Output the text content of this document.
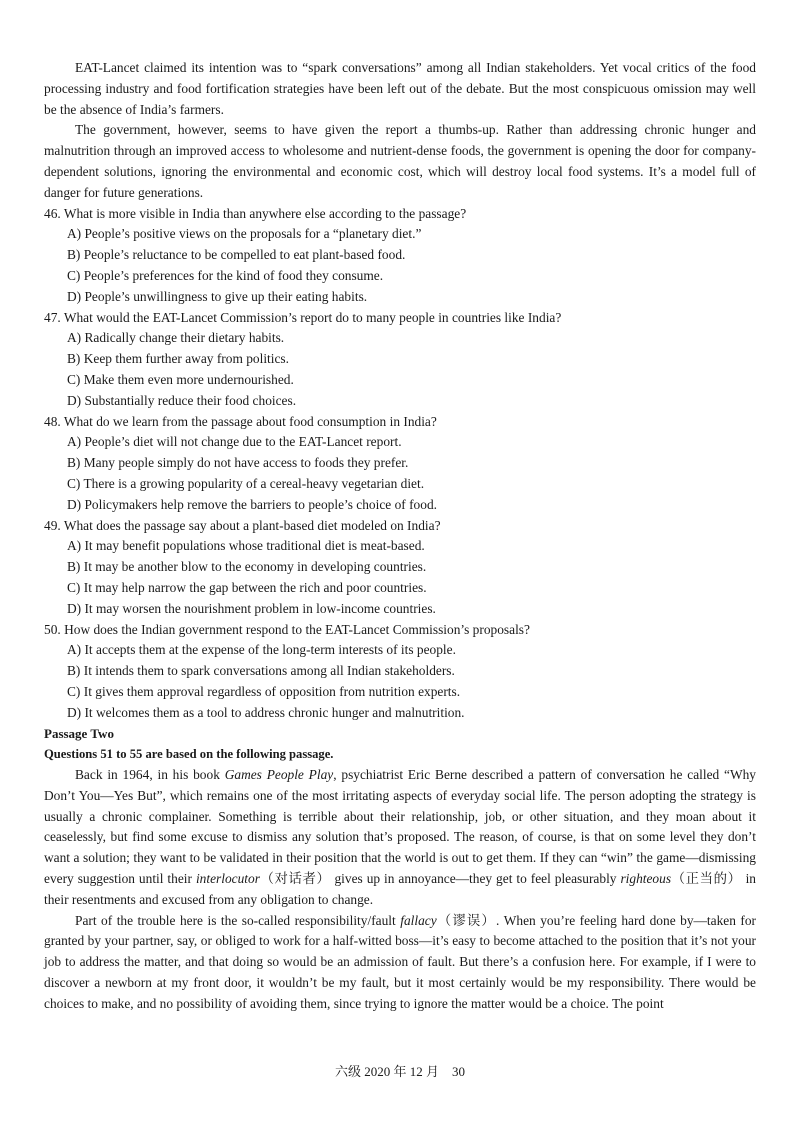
EAT-Lancet claimed its intention was to “spark conversations” among all Indian stakeholders. Yet vocal critics of the food processing industry and food fortification strategies have been left out of the debate. But the most conspicuous omission may well be the absence of India’s farmers.

The government, however, seems to have given the report a thumbs-up. Rather than addressing chronic hunger and malnutrition through an improved access to wholesome and nutrient-dense foods, the government is opening the door for company-dependent solutions, ignoring the environmental and economic cost, which will destroy local food systems. It’s a model full of danger for future generations.

46. What is more visible in India than anywhere else according to the passage?

A) People’s positive views on the proposals for a “planetary diet.”

B) People’s reluctance to be compelled to eat plant-based food.

C) People’s preferences for the kind of food they consume.

D) People’s unwillingness to give up their eating habits.

47. What would the EAT-Lancet Commission’s report do to many people in countries like India?

A) Radically change their dietary habits.

B) Keep them further away from politics.

C) Make them even more undernourished.

D) Substantially reduce their food choices.

48. What do we learn from the passage about food consumption in India?

A) People’s diet will not change due to the EAT-Lancet report.

B) Many people simply do not have access to foods they prefer.

C) There is a growing popularity of a cereal-heavy vegetarian diet.

D) Policymakers help remove the barriers to people’s choice of food.

49. What does the passage say about a plant-based diet modeled on India?

A) It may benefit populations whose traditional diet is meat-based.

B) It may be another blow to the economy in developing countries.

C) It may help narrow the gap between the rich and poor countries.

D) It may worsen the nourishment problem in low-income countries.

50. How does the Indian government respond to the EAT-Lancet Commission’s proposals?

A) It accepts them at the expense of the long-term interests of its people.

B) It intends them to spark conversations among all Indian stakeholders.

C) It gives them approval regardless of opposition from nutrition experts.

D) It welcomes them as a tool to address chronic hunger and malnutrition.

Passage Two

Questions 51 to 55 are based on the following passage.

Back in 1964, in his book Games People Play, psychiatrist Eric Berne described a pattern of conversation he called “Why Don’t You—Yes But”, which remains one of the most irritating aspects of everyday social life. The person adopting the strategy is usually a chronic complainer. Something is terrible about their relationship, job, or other situation, and they moan about it ceaselessly, but find some excuse to dismiss any solution that’s proposed. The reason, of course, is that on some level they don’t want a solution; they want to be validated in their position that the world is out to get them. If they can “win” the game—dismissing every suggestion until their interlocutor（对话者） gives up in annoyance—they get to feel pleasurably righteous（正当的） in their resentments and excused from any obligation to change.

Part of the trouble here is the so-called responsibility/fault fallacy（谬误）. When you’re feeling hard done by—taken for granted by your partner, say, or obliged to work for a half-witted boss—it’s easy to become attached to the position that it’s not your job to address the matter, and that doing so would be an admission of fault. But there’s a confusion here. For example, if I were to discover a newborn at my front door, it wouldn’t be my fault, but it most certainly would be my responsibility. There would be choices to make, and no possibility of avoiding them, since trying to ignore the matter would be a choice. The point

六级 2020 年 12 月　30
